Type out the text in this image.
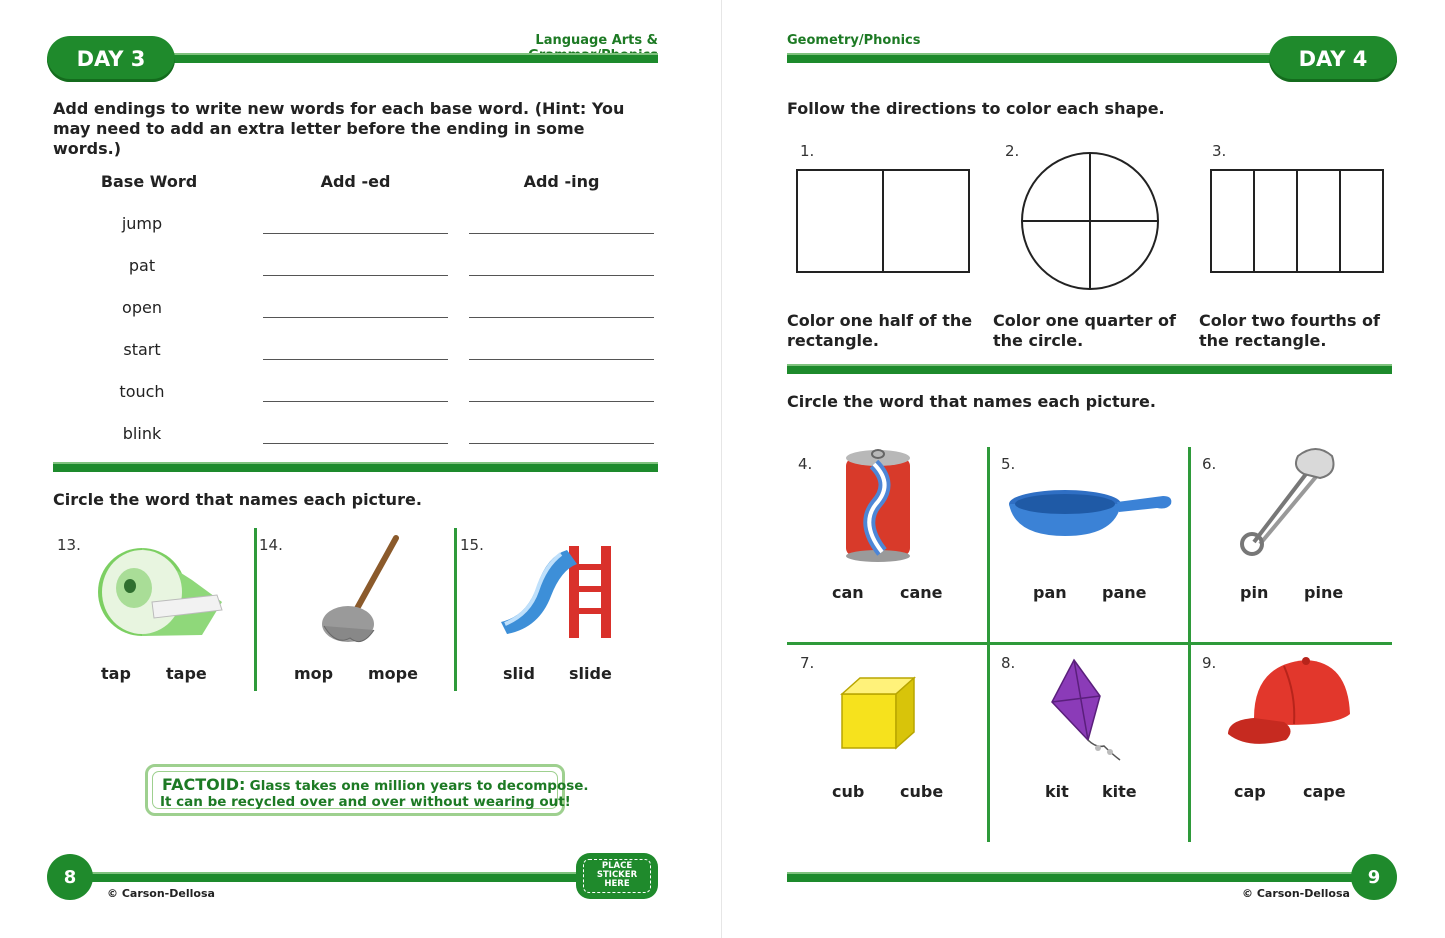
Language Arts &
DAY 3
Add endings to write new words for each base word. (Hint: You may need to add an extra letter before the ending in some words.)
Base Word	Add -ed	Add -ing
jump
pat
open
start
touch
blink
Circle the word that names each picture.
13.
tap tape
14.
mop mope
15.
slid slide
FACTOID: Glass takes one million years to decompose.
It can be recycled over and over without wearing out!
8
© Carson-Dellosa
PLACE
STICKER
HERE
Geometry/Phonics
DAY 4
Follow the directions to color each shape.
1.
Color one half of the
rectangle.
2.
Color one quarter of
the circle.
3.
Color two fourths of
the rectangle.
Circle the word that names each picture.
4.
can cane
5.
pan pane
6.
pin pine
7.
cub cube
8.
kit kite
9.
cap cape
9
© Carson-Dellosa
